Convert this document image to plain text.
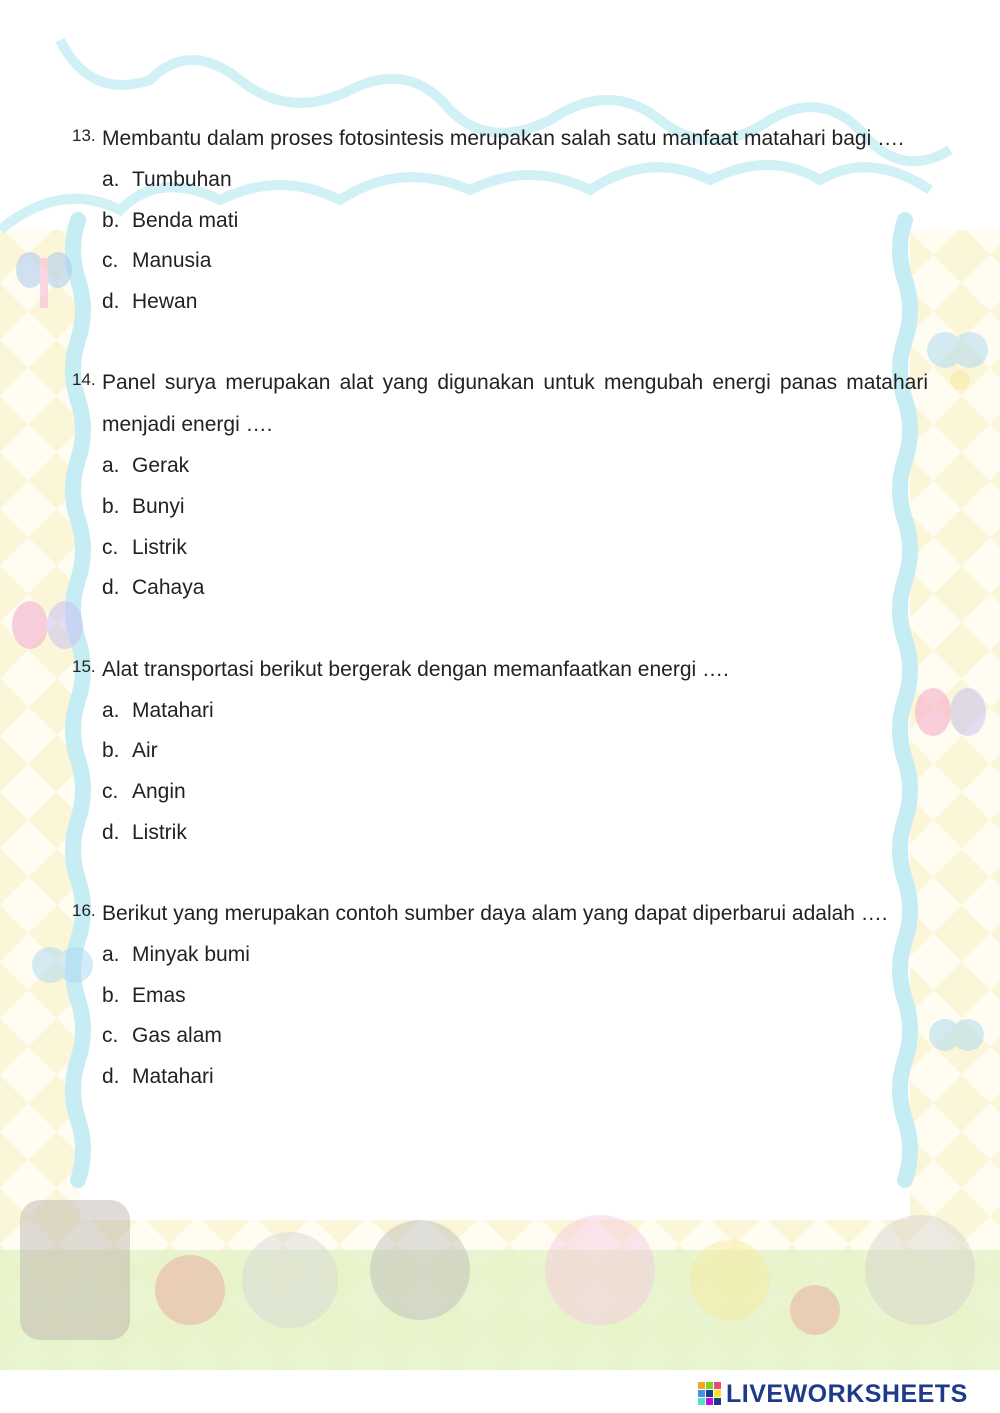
13. Membantu dalam proses fotosintesis merupakan salah satu manfaat matahari bagi ….
a. Tumbuhan
b. Benda mati
c. Manusia
d. Hewan
14. Panel surya merupakan alat yang digunakan untuk mengubah energi panas matahari menjadi energi ….
a. Gerak
b. Bunyi
c. Listrik
d. Cahaya
15. Alat transportasi berikut bergerak dengan memanfaatkan energi ….
a. Matahari
b. Air
c. Angin
d. Listrik
16. Berikut yang merupakan contoh sumber daya alam yang dapat diperbarui adalah ….
a. Minyak bumi
b. Emas
c. Gas alam
d. Matahari
LIVEWORKSHEETS
